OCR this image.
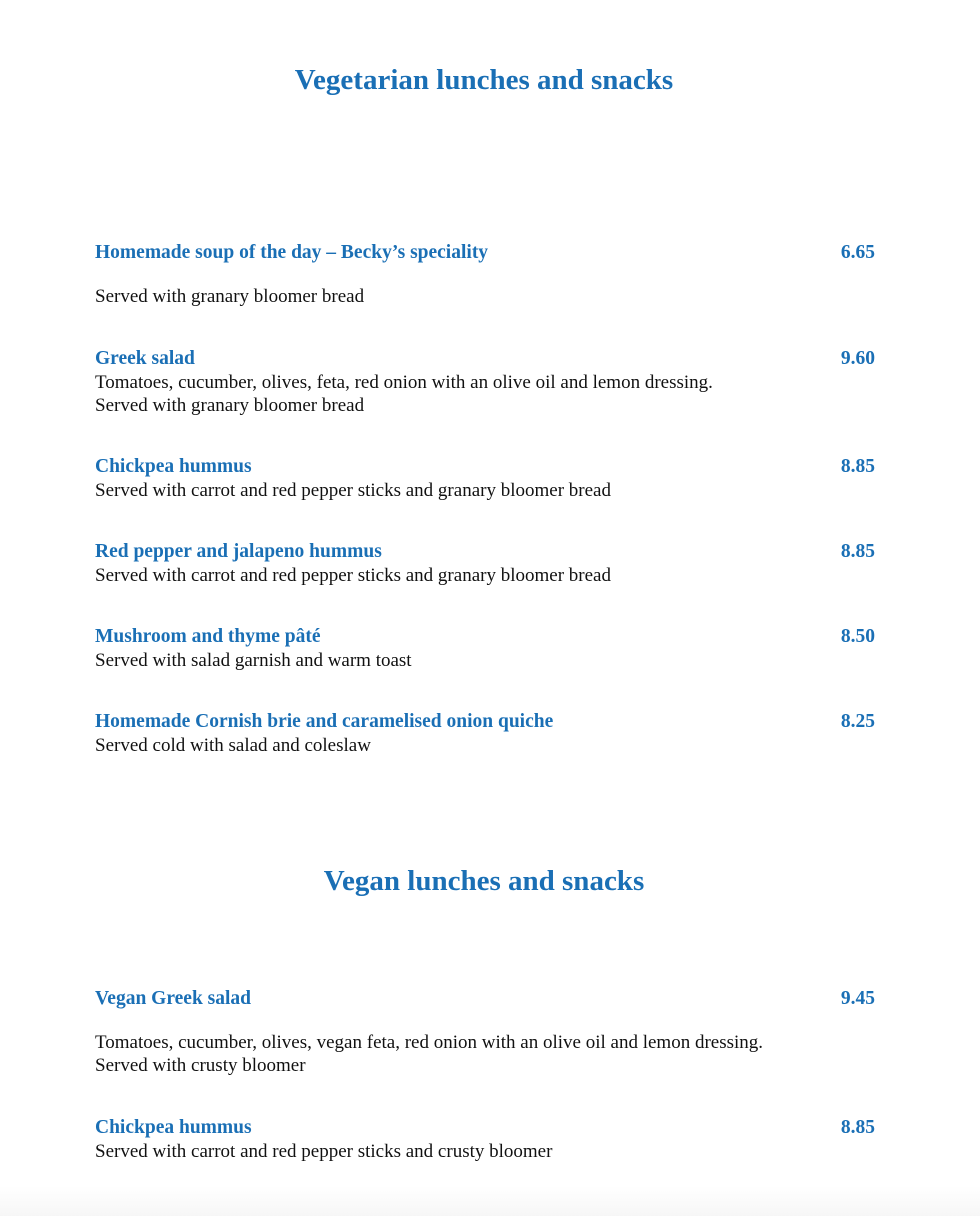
Vegetarian lunches and snacks
Homemade soup of the day – Becky’s speciality	6.65
Served with granary bloomer bread
Greek salad	9.60
Tomatoes, cucumber, olives, feta, red onion with an olive oil and lemon dressing. Served with granary bloomer bread
Chickpea hummus	8.85
Served with carrot and red pepper sticks and granary bloomer bread
Red pepper and jalapeno hummus	8.85
Served with carrot and red pepper sticks and granary bloomer bread
Mushroom and thyme pâté	8.50
Served with salad garnish and warm toast
Homemade Cornish brie and caramelised onion quiche	8.25
Served cold with salad and coleslaw
Vegan lunches and snacks
Vegan Greek salad	9.45
Tomatoes, cucumber, olives, vegan feta, red onion with an olive oil and lemon dressing. Served with crusty bloomer
Chickpea hummus	8.85
Served with carrot and red pepper sticks and crusty bloomer
